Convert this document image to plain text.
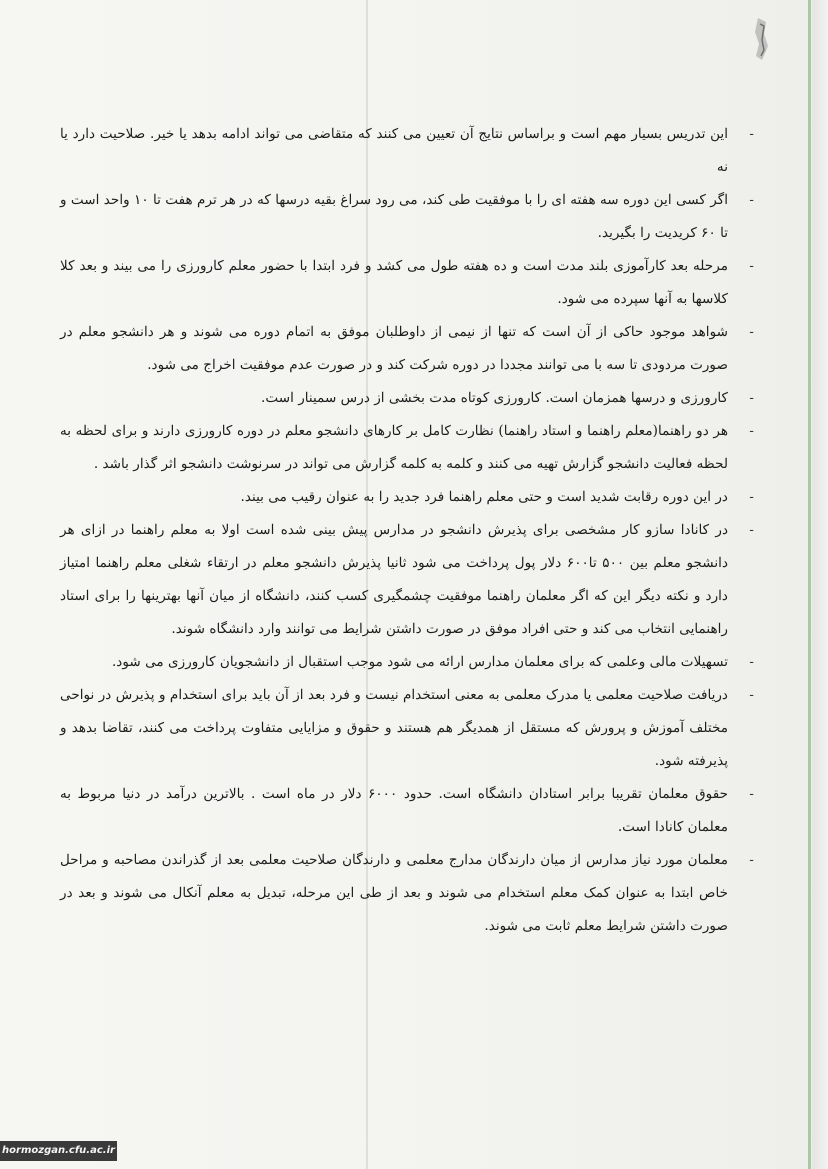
-
این تدریس بسیار مهم است و براساس نتایج آن تعیین می کنند که متقاضی می تواند ادامه بدهد یا خیر. صلاحیت دارد یا نه
-
اگر کسی این دوره سه هفته ای را با موفقیت طی کند، می رود سراغ بقیه درسها که در هر ترم هفت تا ۱۰ واحد است و تا ۶۰ کریدیت را بگیرید.
-
مرحله بعد کارآموزی بلند مدت است و ده هفته طول می کشد و فرد ابتدا با حضور معلم کارورزی را می بیند و بعد کلا کلاسها به آنها سپرده می شود.
-
شواهد موجود حاکی از آن است که تنها از نیمی از داوطلبان موفق به اتمام دوره می شوند و هر دانشجو معلم در صورت مردودی تا سه با می توانند مجددا در دوره شرکت کند و در صورت عدم موفقیت اخراج می شود.
-
کارورزی و درسها همزمان است. کارورزی کوتاه مدت بخشی از درس سمینار است.
-
هر دو راهنما(معلم راهنما و استاد راهنما) نظارت کامل بر کارهای دانشجو معلم در دوره کارورزی دارند و برای لحظه به لحظه فعالیت دانشجو گزارش تهیه می کنند و کلمه به کلمه گزارش می تواند در سرنوشت دانشجو اثر گذار باشد .
-
در این دوره رقابت شدید است و حتی معلم راهنما فرد جدید را به عنوان رقیب می بیند.
-
در کانادا سازو کار مشخصی برای پذیرش دانشجو در مدارس پیش بینی شده است اولا به معلم راهنما در ازای هر دانشجو معلم بین ۵۰۰ تا۶۰۰ دلار پول پرداخت می شود ثانیا پذیرش دانشجو معلم در ارتقاء شغلی معلم راهنما امتیاز دارد و نکته دیگر این که اگر معلمان راهنما موفقیت چشمگیری کسب کنند، دانشگاه از میان آنها بهترینها را برای استاد راهنمایی انتخاب می کند و حتی افراد موفق در صورت داشتن شرایط می توانند وارد دانشگاه شوند.
-
تسهیلات مالی وعلمی که برای معلمان مدارس ارائه می شود موجب استقبال از دانشجویان کارورزی می شود.
-
دریافت صلاحیت معلمی یا مدرک معلمی به معنی استخدام نیست و فرد بعد از آن باید برای استخدام و پذیرش در نواحی مختلف آموزش و پرورش که مستقل از همدیگر هم هستند و حقوق و مزایایی متفاوت پرداخت می کنند، تقاضا بدهد و پذیرفته شود.
-
حقوق معلمان تقریبا برابر استادان دانشگاه است. حدود ۶۰۰۰ دلار در ماه است . بالاترین درآمد در دنیا مربوط به معلمان کانادا است.
-
معلمان مورد نیاز مدارس از میان دارندگان مدارج معلمی و دارندگان صلاحیت معلمی بعد از گذراندن مصاحبه و مراحل خاص ابتدا به عنوان کمک معلم استخدام می شوند و بعد از طی این مرحله، تبدیل به معلم آنکال می شوند و بعد در صورت داشتن شرایط معلم ثابت می شوند.
hormozgan.cfu.ac.ir
